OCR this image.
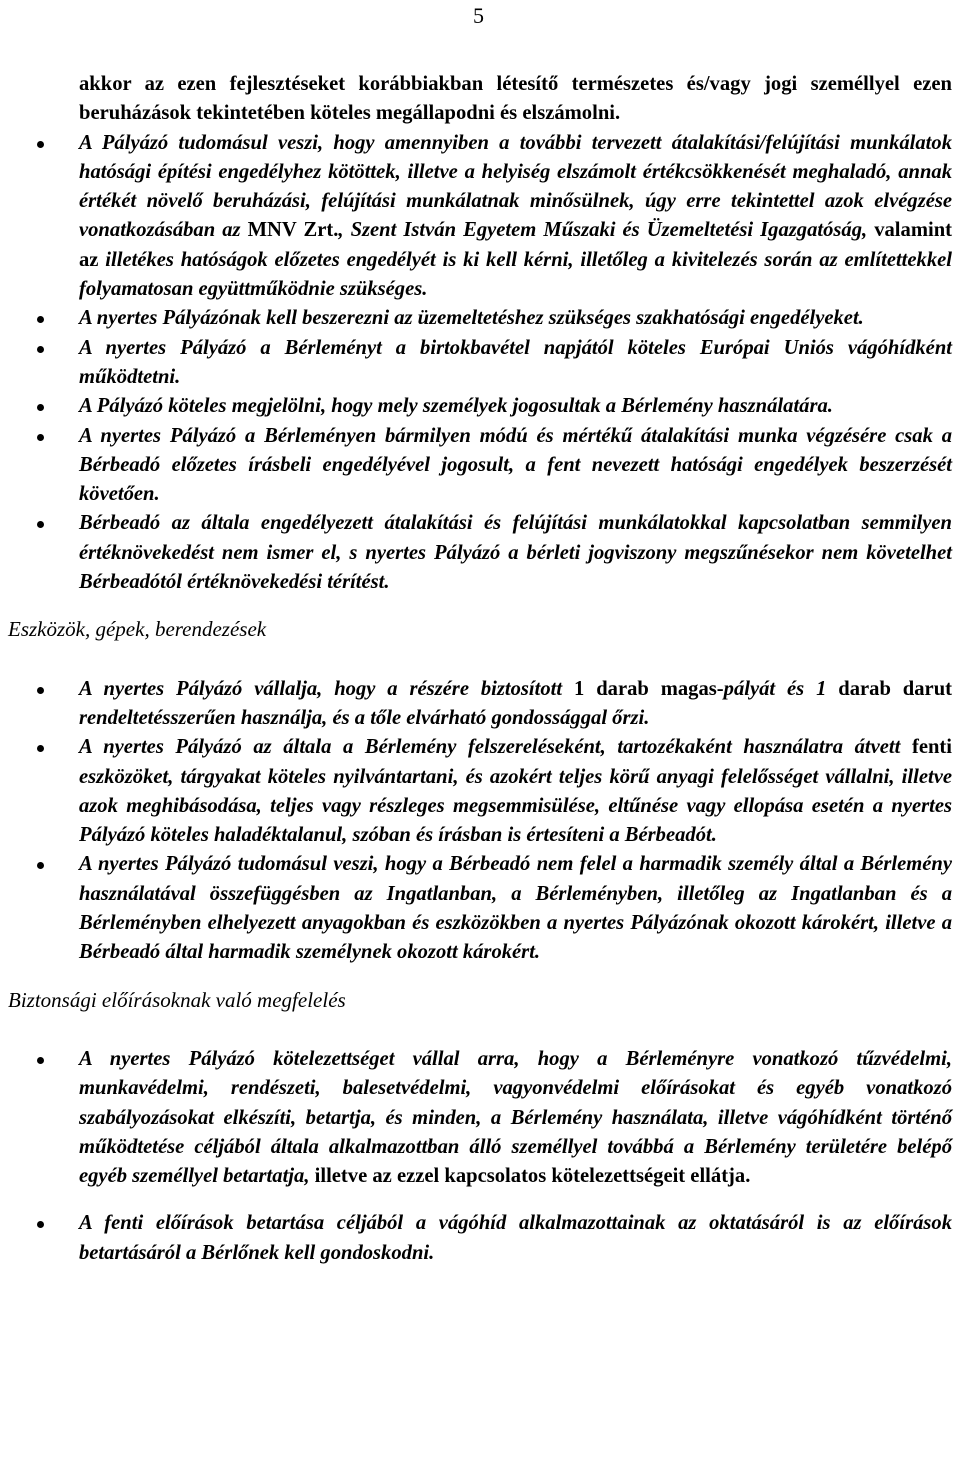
5

akkor az ezen fejlesztéseket korábbiakban létesítő természetes és/vagy jogi személlyel ezen beruházások tekintetében köteles megállapodni és elszámolni.

A Pályázó tudomásul veszi, hogy amennyiben a további tervezett átalakítási/felújítási munkálatok hatósági építési engedélyhez kötöttek, illetve a helyiség elszámolt értékcsökkenését meghaladó, annak értékét növelő beruházási, felújítási munkálatnak minősülnek, úgy erre tekintettel azok elvégzése vonatkozásában az MNV Zrt., Szent István Egyetem Műszaki és Üzemeltetési Igazgatóság, valamint az illetékes hatóságok előzetes engedélyét is ki kell kérni, illetőleg a kivitelezés során az említettekkel folyamatosan együttműködnie szükséges.
A nyertes Pályázónak kell beszerezni az üzemeltetéshez szükséges szakhatósági engedélyeket.
A nyertes Pályázó a Bérleményt a birtokbavétel napjától köteles Európai Uniós vágóhídként működtetni.
A Pályázó köteles megjelölni, hogy mely személyek jogosultak a Bérlemény használatára.
A nyertes Pályázó a Bérleményen bármilyen módú és mértékű átalakítási munka végzésére csak a Bérbeadó előzetes írásbeli engedélyével jogosult, a fent nevezett hatósági engedélyek beszerzését követően.
Bérbeadó az általa engedélyezett átalakítási és felújítási munkálatokkal kapcsolatban semmilyen értéknövekedést nem ismer el, s nyertes Pályázó a bérleti jogviszony megszűnésekor nem követelhet Bérbeadótól értéknövekedési térítést.

Eszközök, gépek, berendezések

A nyertes Pályázó vállalja, hogy a részére biztosított 1 darab magas-pályát és 1 darab darut rendeltetésszerűen használja, és a tőle elvárható gondossággal őrzi.
A nyertes Pályázó az általa a Bérlemény felszereléseként, tartozékaként használatra átvett fenti eszközöket, tárgyakat köteles nyilvántartani, és azokért teljes körű anyagi felelősséget vállalni, illetve azok meghibásodása, teljes vagy részleges megsemmisülése, eltűnése vagy ellopása esetén a nyertes Pályázó köteles haladéktalanul, szóban és írásban is értesíteni a Bérbeadót.
A nyertes Pályázó tudomásul veszi, hogy a Bérbeadó nem felel a harmadik személy által a Bérlemény használatával összefüggésben az Ingatlanban, a Bérleményben, illetőleg az Ingatlanban és a Bérleményben elhelyezett anyagokban és eszközökben a nyertes Pályázónak okozott károkért, illetve a Bérbeadó által harmadik személynek okozott károkért.

Biztonsági előírásoknak való megfelelés

A nyertes Pályázó kötelezettséget vállal arra, hogy a Bérleményre vonatkozó tűzvédelmi, munkavédelmi, rendészeti, balesetvédelmi, vagyonvédelmi előírásokat és egyéb vonatkozó szabályozásokat elkészíti, betartja, és minden, a Bérlemény használata, illetve vágóhídként történő működtetése céljából általa alkalmazottban álló személlyel továbbá a Bérlemény területére belépő egyéb személlyel betartatja, illetve az ezzel kapcsolatos kötelezettségeit ellátja.
A fenti előírások betartása céljából a vágóhíd alkalmazottainak az oktatásáról is az előírások betartásáról a Bérlőnek kell gondoskodni.
